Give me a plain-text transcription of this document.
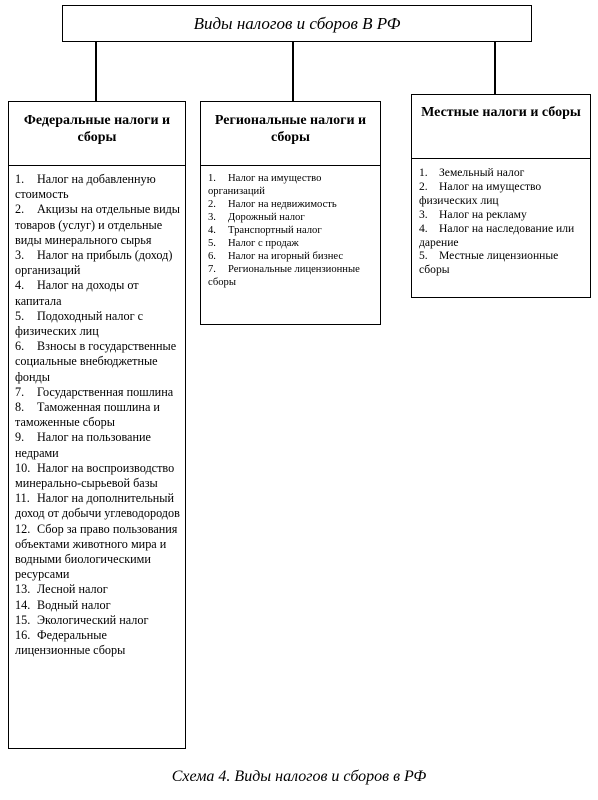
Виды налогов и сборов В РФ
Федеральные налоги и сборы
1. Налог на добавленную стоимость
2. Акцизы на отдельные виды товаров (услуг) и отдельные виды минерального сырья
3. Налог на прибыль (доход) организаций
4. Налог на доходы от капитала
5. Подоходный налог с физических лиц
6. Взносы в государственные социальные внебюджетные фонды
7. Государственная пошлина
8. Таможенная пошлина и таможенные сборы
9. Налог на пользование недрами
10. Налог на воспроизводство минерально-сырьевой базы
11. Налог на дополнительный доход от добычи углеводородов
12. Сбор за право пользования объектами животного мира и водными биологическими ресурсами
13. Лесной налог
14. Водный налог
15. Экологический налог
16. Федеральные лицензионные сборы
Региональные налоги и сборы
1. Налог на имущество организаций
2. Налог на недвижимость
3. Дорожный налог
4. Транспортный налог
5. Налог с продаж
6. Налог на игорный бизнес
7. Региональные лицензионные сборы
Местные налоги и сборы
1. Земельный налог
2. Налог на имущество физических лиц
3. Налог на рекламу
4. Налог на наследование или дарение
5. Местные лицензионные сборы
Схема 4. Виды налогов и сборов в РФ
